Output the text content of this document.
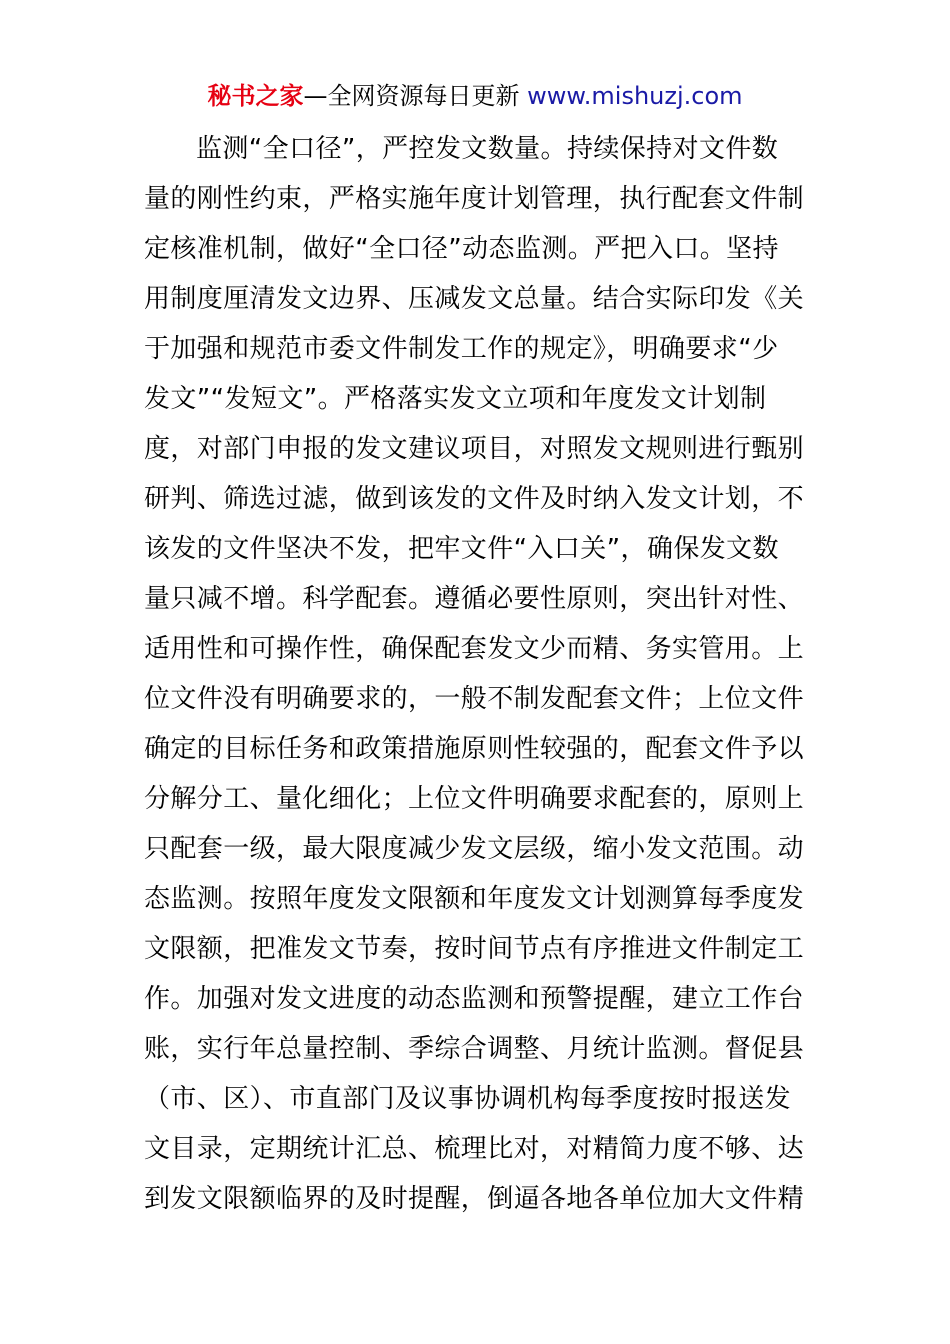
秘书之家—全网资源每日更新 www.mishuzj.com
监测“全口径”，严控发文数量。持续保持对文件数
量的刚性约束，严格实施年度计划管理，执行配套文件制
定核准机制，做好“全口径”动态监测。严把入口。坚持
用制度厘清发文边界、压减发文总量。结合实际印发《关
于加强和规范市委文件制发工作的规定》，明确要求“少
发文”“发短文”。严格落实发文立项和年度发文计划制
度，对部门申报的发文建议项目，对照发文规则进行甄别
研判、筛选过滤，做到该发的文件及时纳入发文计划，不
该发的文件坚决不发，把牢文件“入口关”，确保发文数
量只减不增。科学配套。遵循必要性原则，突出针对性、
适用性和可操作性，确保配套发文少而精、务实管用。上
位文件没有明确要求的，一般不制发配套文件；上位文件
确定的目标任务和政策措施原则性较强的，配套文件予以
分解分工、量化细化；上位文件明确要求配套的，原则上
只配套一级，最大限度减少发文层级，缩小发文范围。动
态监测。按照年度发文限额和年度发文计划测算每季度发
文限额，把准发文节奏，按时间节点有序推进文件制定工
作。加强对发文进度的动态监测和预警提醒，建立工作台
账，实行年总量控制、季综合调整、月统计监测。督促县
（市、区）、市直部门及议事协调机构每季度按时报送发
文目录，定期统计汇总、梳理比对，对精简力度不够、达
到发文限额临界的及时提醒，倒逼各地各单位加大文件精
